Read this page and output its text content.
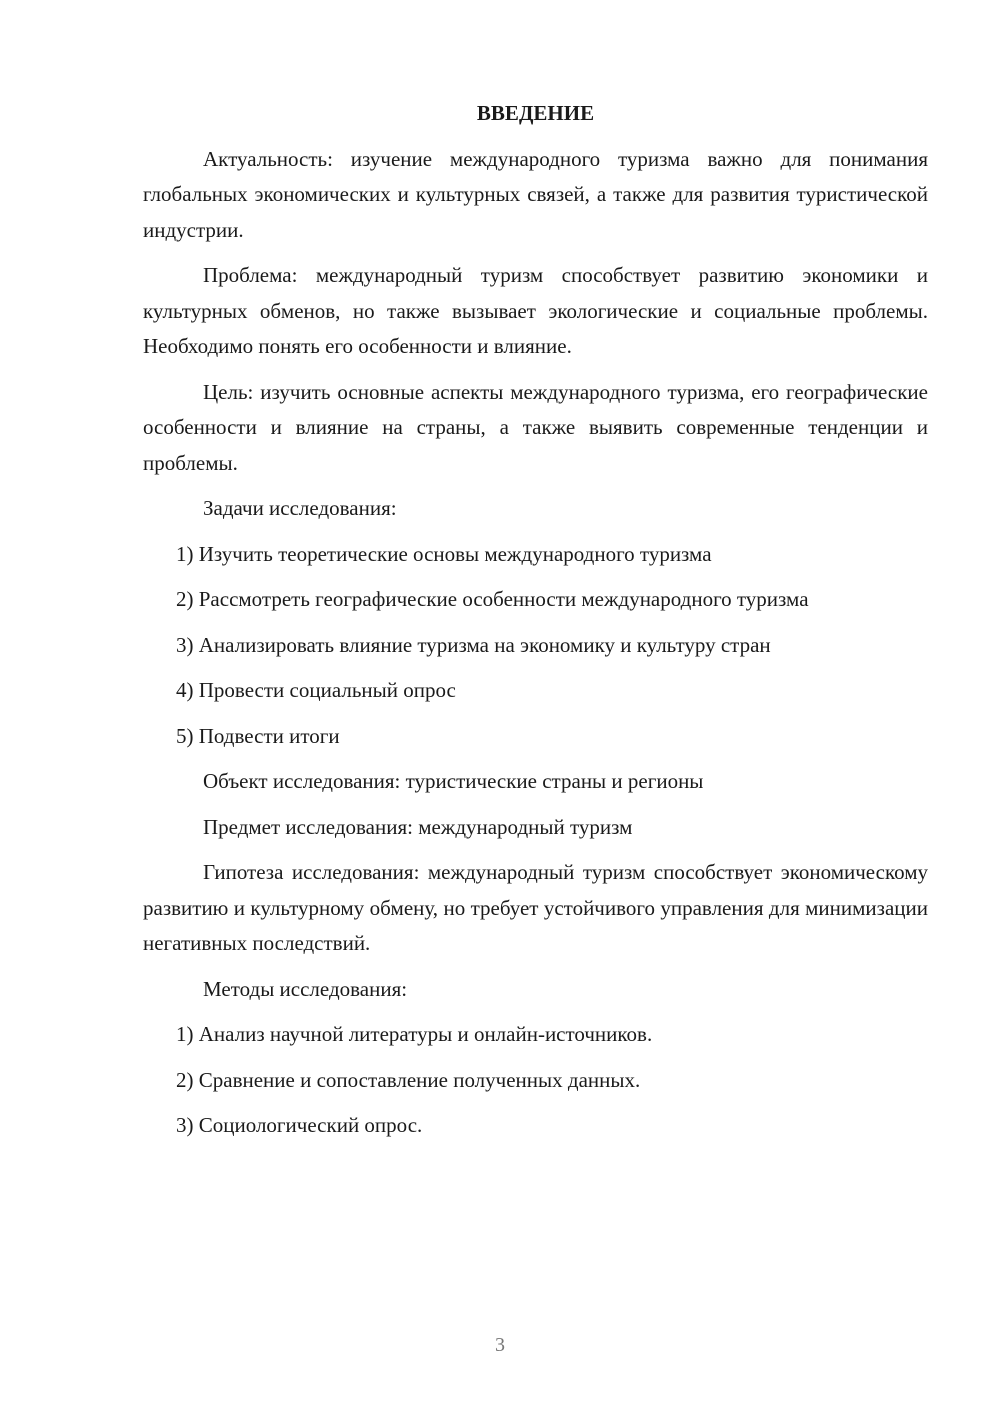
ВВЕДЕНИЕ

Актуальность: изучение международного туризма важно для понимания глобальных экономических и культурных связей, а также для развития туристической индустрии.

Проблема: международный туризм способствует развитию экономики и культурных обменов, но также вызывает экологические и социальные проблемы. Необходимо понять его особенности и влияние.

Цель: изучить основные аспекты международного туризма, его географические особенности и влияние на страны, а также выявить современные тенденции и проблемы.

Задачи исследования:

1) Изучить теоретические основы международного туризма
2) Рассмотреть географические особенности международного туризма
3) Анализировать влияние туризма на экономику и культуру стран
4) Провести социальный опрос
5) Подвести итоги

Объект исследования: туристические страны и регионы

Предмет исследования: международный туризм

Гипотеза исследования: международный туризм способствует экономическому развитию и культурному обмену, но требует устойчивого управления для минимизации негативных последствий.

Методы исследования:

1) Анализ научной литературы и онлайн-источников.
2) Сравнение и сопоставление полученных данных.
3) Социологический опрос.
3
